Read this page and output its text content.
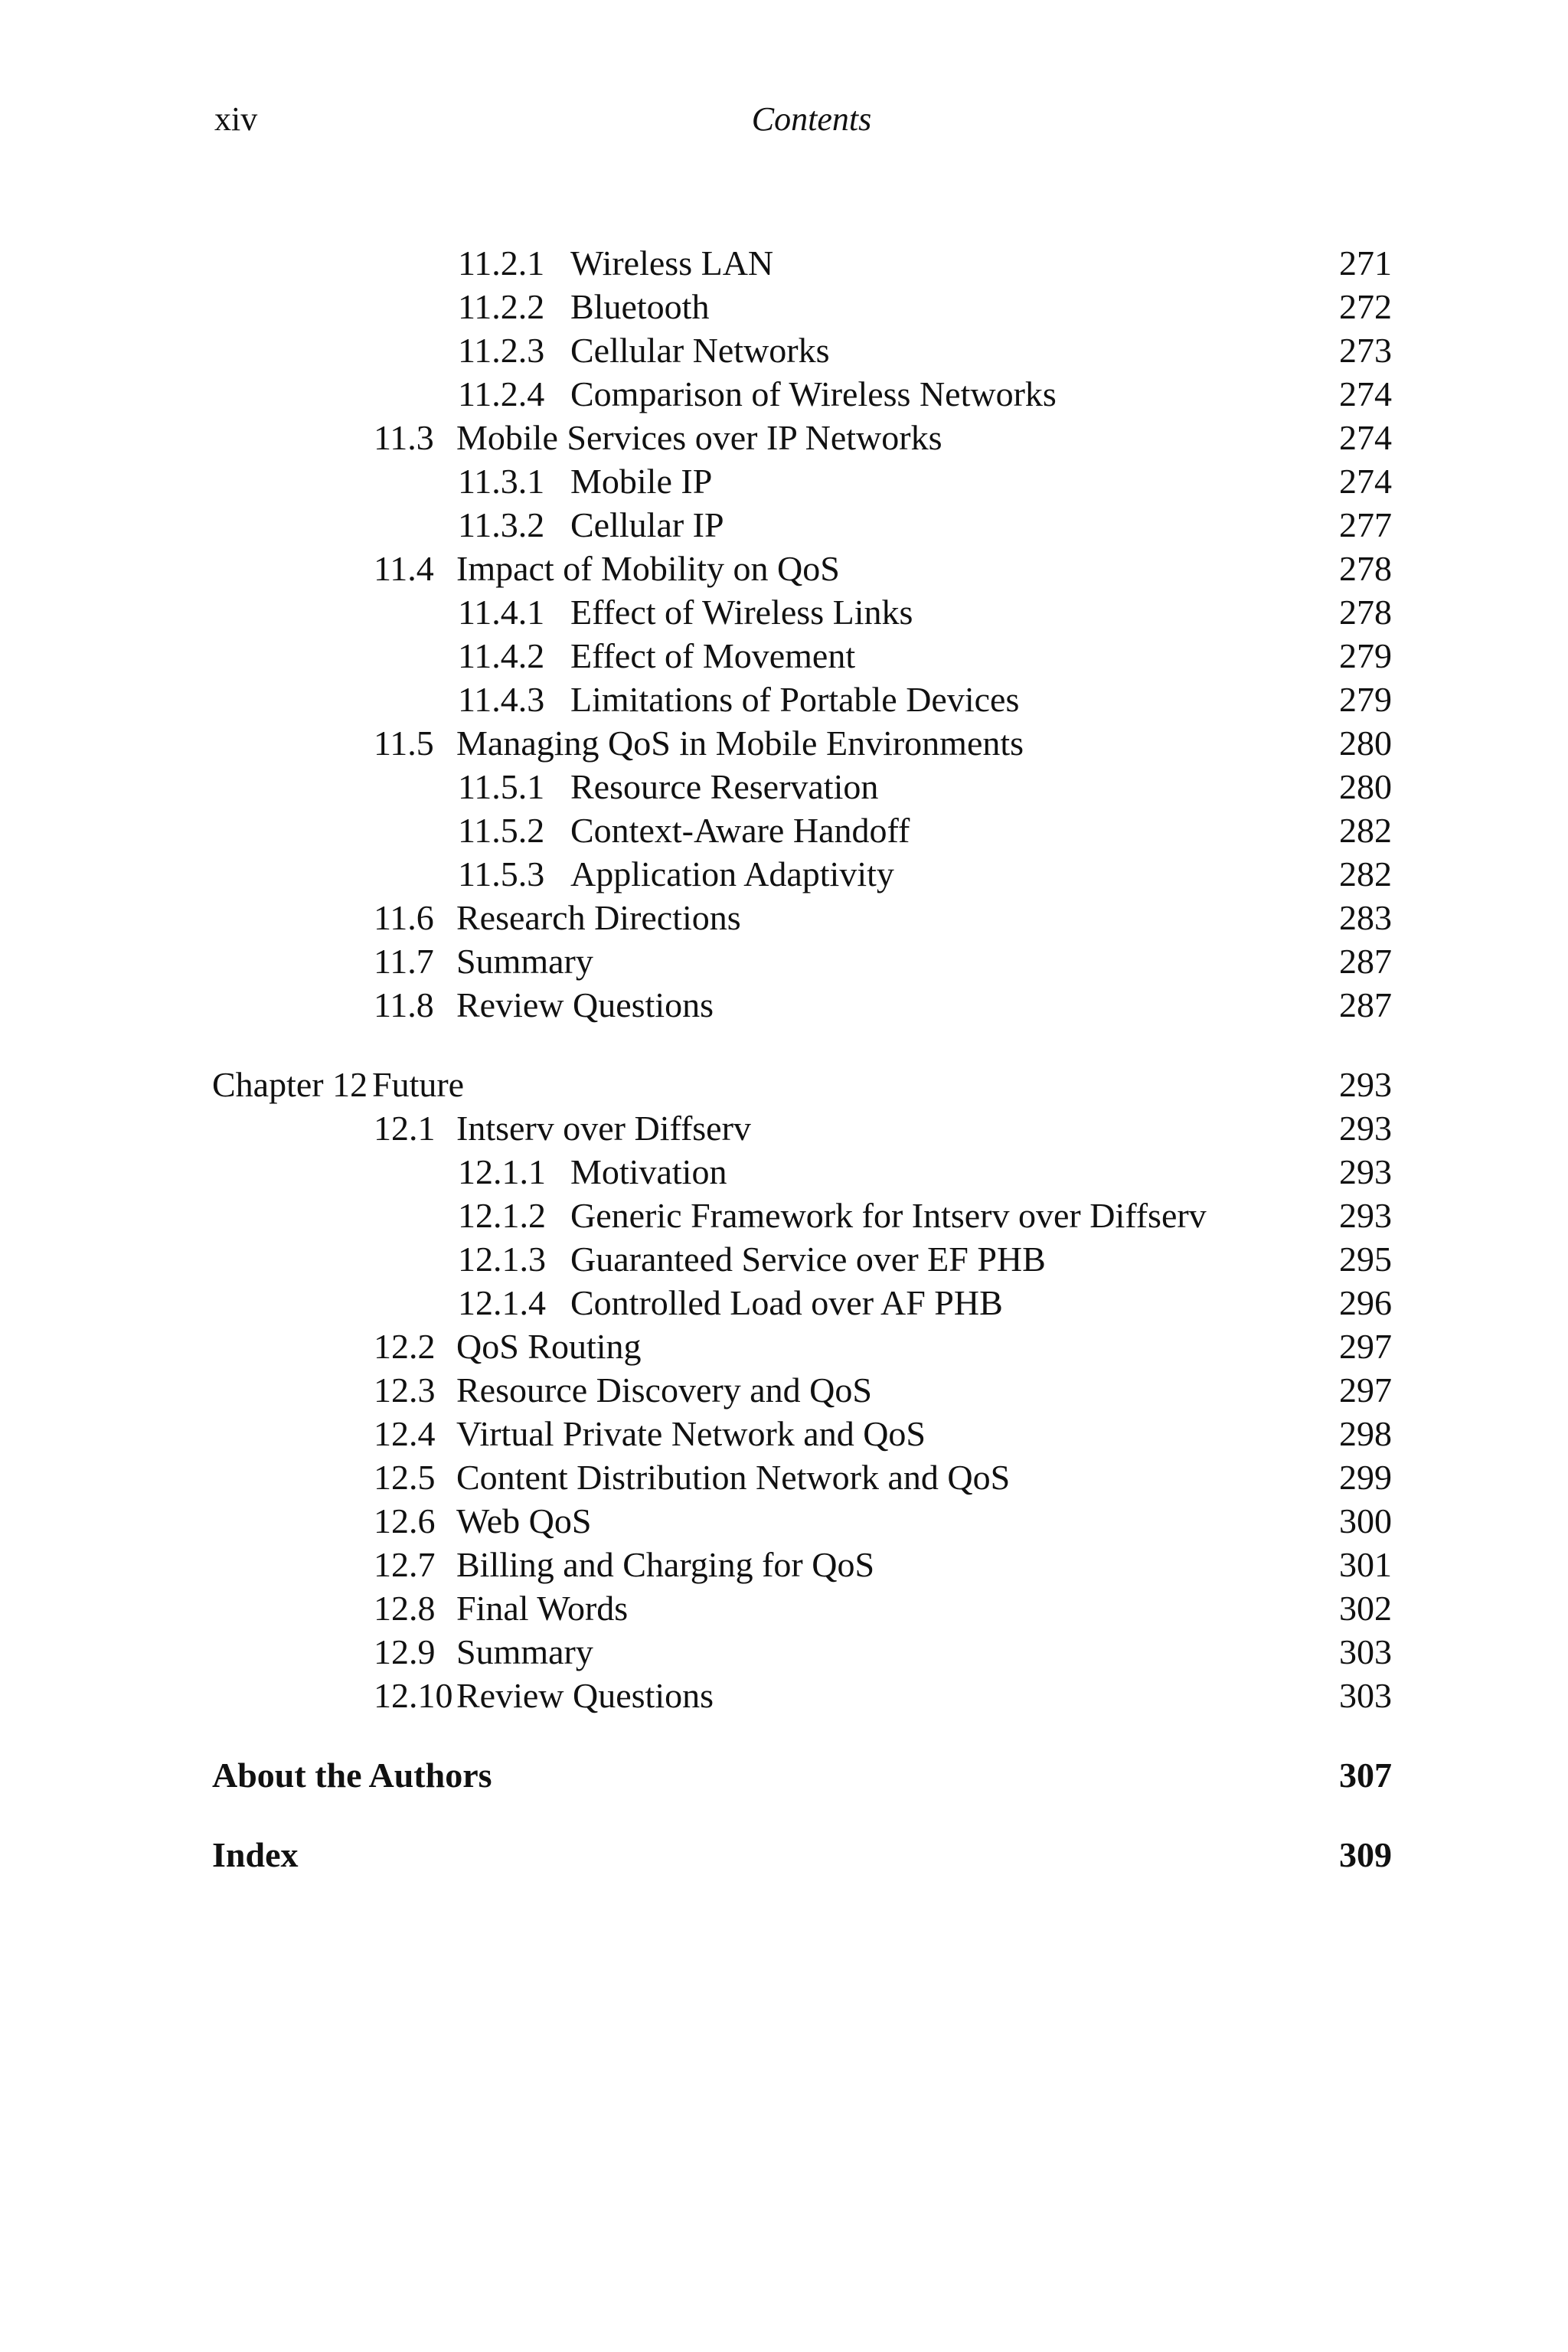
xiv	Contents
11.2.1 Wireless LAN	271
11.2.2 Bluetooth	272
11.2.3 Cellular Networks	273
11.2.4 Comparison of Wireless Networks	274
11.3 Mobile Services over IP Networks	274
11.3.1 Mobile IP	274
11.3.2 Cellular IP	277
11.4 Impact of Mobility on QoS	278
11.4.1 Effect of Wireless Links	278
11.4.2 Effect of Movement	279
11.4.3 Limitations of Portable Devices	279
11.5 Managing QoS in Mobile Environments	280
11.5.1 Resource Reservation	280
11.5.2 Context-Aware Handoff	282
11.5.3 Application Adaptivity	282
11.6 Research Directions	283
11.7 Summary	287
11.8 Review Questions	287
Chapter 12 Future	293
12.1 Intserv over Diffserv	293
12.1.1 Motivation	293
12.1.2 Generic Framework for Intserv over Diffserv	293
12.1.3 Guaranteed Service over EF PHB	295
12.1.4 Controlled Load over AF PHB	296
12.2 QoS Routing	297
12.3 Resource Discovery and QoS	297
12.4 Virtual Private Network and QoS	298
12.5 Content Distribution Network and QoS	299
12.6 Web QoS	300
12.7 Billing and Charging for QoS	301
12.8 Final Words	302
12.9 Summary	303
12.10 Review Questions	303
About the Authors	307
Index	309
